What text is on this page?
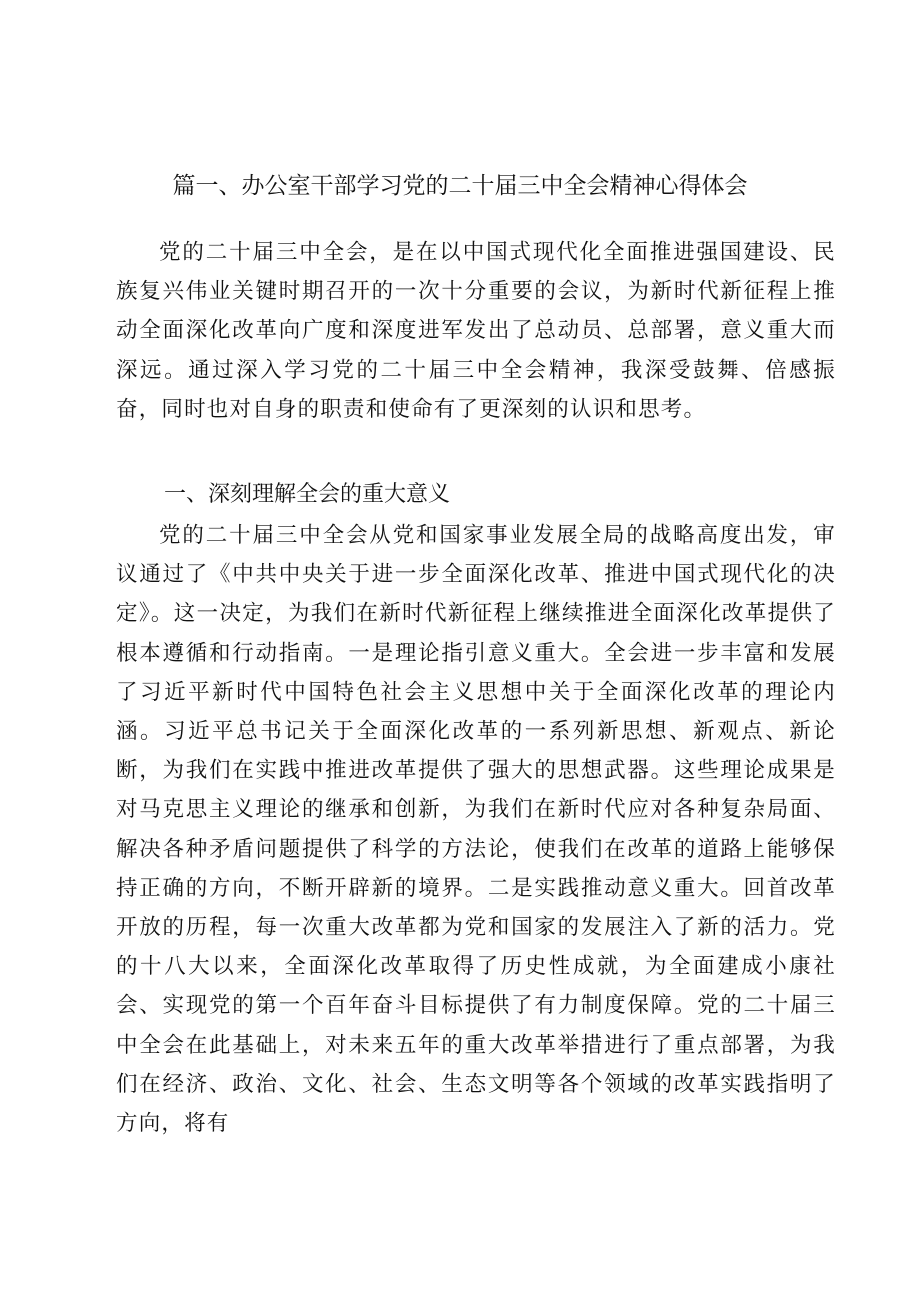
篇一、办公室干部学习党的二十届三中全会精神心得体会
党的二十届三中全会，是在以中国式现代化全面推进强国建设、民族复兴伟业关键时期召开的一次十分重要的会议，为新时代新征程上推动全面深化改革向广度和深度进军发出了总动员、总部署，意义重大而深远。通过深入学习党的二十届三中全会精神，我深受鼓舞、倍感振奋，同时也对自身的职责和使命有了更深刻的认识和思考。
一、深刻理解全会的重大意义
党的二十届三中全会从党和国家事业发展全局的战略高度出发，审议通过了《中共中央关于进一步全面深化改革、推进中国式现代化的决定》。这一决定，为我们在新时代新征程上继续推进全面深化改革提供了根本遵循和行动指南。一是理论指引意义重大。全会进一步丰富和发展了习近平新时代中国特色社会主义思想中关于全面深化改革的理论内涵。习近平总书记关于全面深化改革的一系列新思想、新观点、新论断，为我们在实践中推进改革提供了强大的思想武器。这些理论成果是对马克思主义理论的继承和创新，为我们在新时代应对各种复杂局面、解决各种矛盾问题提供了科学的方法论，使我们在改革的道路上能够保持正确的方向，不断开辟新的境界。二是实践推动意义重大。回首改革开放的历程，每一次重大改革都为党和国家的发展注入了新的活力。党的十八大以来，全面深化改革取得了历史性成就，为全面建成小康社会、实现党的第一个百年奋斗目标提供了有力制度保障。党的二十届三中全会在此基础上，对未来五年的重大改革举措进行了重点部署，为我们在经济、政治、文化、社会、生态文明等各个领域的改革实践指明了方向，将有
